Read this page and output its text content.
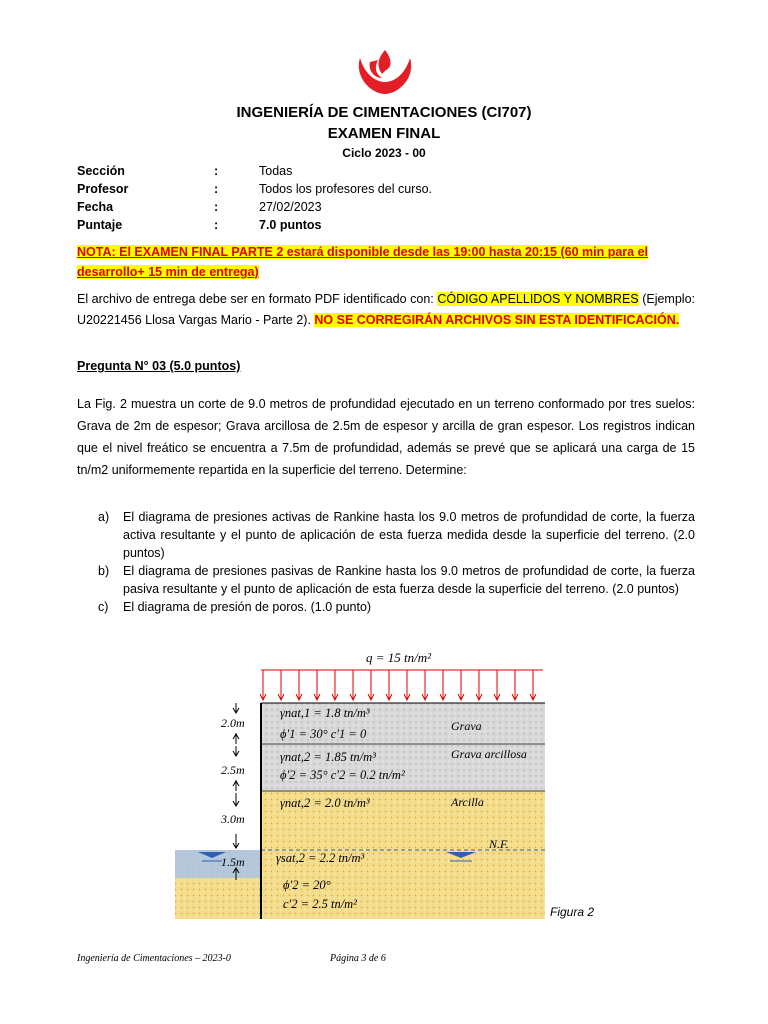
INGENIERÍA DE CIMENTACIONES (CI707)
EXAMEN FINAL
Ciclo 2023 - 00
Sección	:	Todas
Profesor	:	Todos los profesores del curso.
Fecha	:	27/02/2023
Puntaje	:	7.0 puntos
NOTA: El EXAMEN FINAL PARTE 2 estará disponible desde las 19:00 hasta 20:15 (60 min para el desarrollo+ 15 min de entrega)
El archivo de entrega debe ser en formato PDF identificado con: CÓDIGO APELLIDOS Y NOMBRES (Ejemplo: U20221456 Llosa Vargas Mario - Parte 2). NO SE CORREGIRÁN ARCHIVOS SIN ESTA IDENTIFICACIÓN.
Pregunta N° 03 (5.0 puntos)
La Fig. 2 muestra un corte de 9.0 metros de profundidad ejecutado en un terreno conformado por tres suelos: Grava de 2m de espesor; Grava arcillosa de 2.5m de espesor y arcilla de gran espesor. Los registros indican que el nivel freático se encuentra a 7.5m de profundidad, además se prevé que se aplicará una carga de 15 tn/m2 uniformemente repartida en la superficie del terreno. Determine:
a)	El diagrama de presiones activas de Rankine hasta los 9.0 metros de profundidad de corte, la fuerza activa resultante y el punto de aplicación de esta fuerza medida desde la superficie del terreno. (2.0 puntos)
b)	El diagrama de presiones pasivas de Rankine hasta los 9.0 metros de profundidad de corte, la fuerza pasiva resultante y el punto de aplicación de esta fuerza desde la superficie del terreno. (2.0 puntos)
c)	El diagrama de presión de poros. (1.0 punto)
q = 15 tn/m²
N.F.
2.0m
2.5m
3.0m
1.5m
γnat,1 = 1.8 tn/m³
ϕ′1 = 30° c′1 = 0
Grava
γnat,2 = 1.85 tn/m³
ϕ′2 = 35° c′2 = 0.2 tn/m²
Grava arcillosa
γnat,2 = 2.0 tn/m³	Arcilla
γsat,2 = 2.2 tn/m³
ϕ′2 = 20°
c′2 = 2.5 tn/m²
Figura 2
Ingeniería de Cimentaciones – 2023-0	Página 3 de 6
